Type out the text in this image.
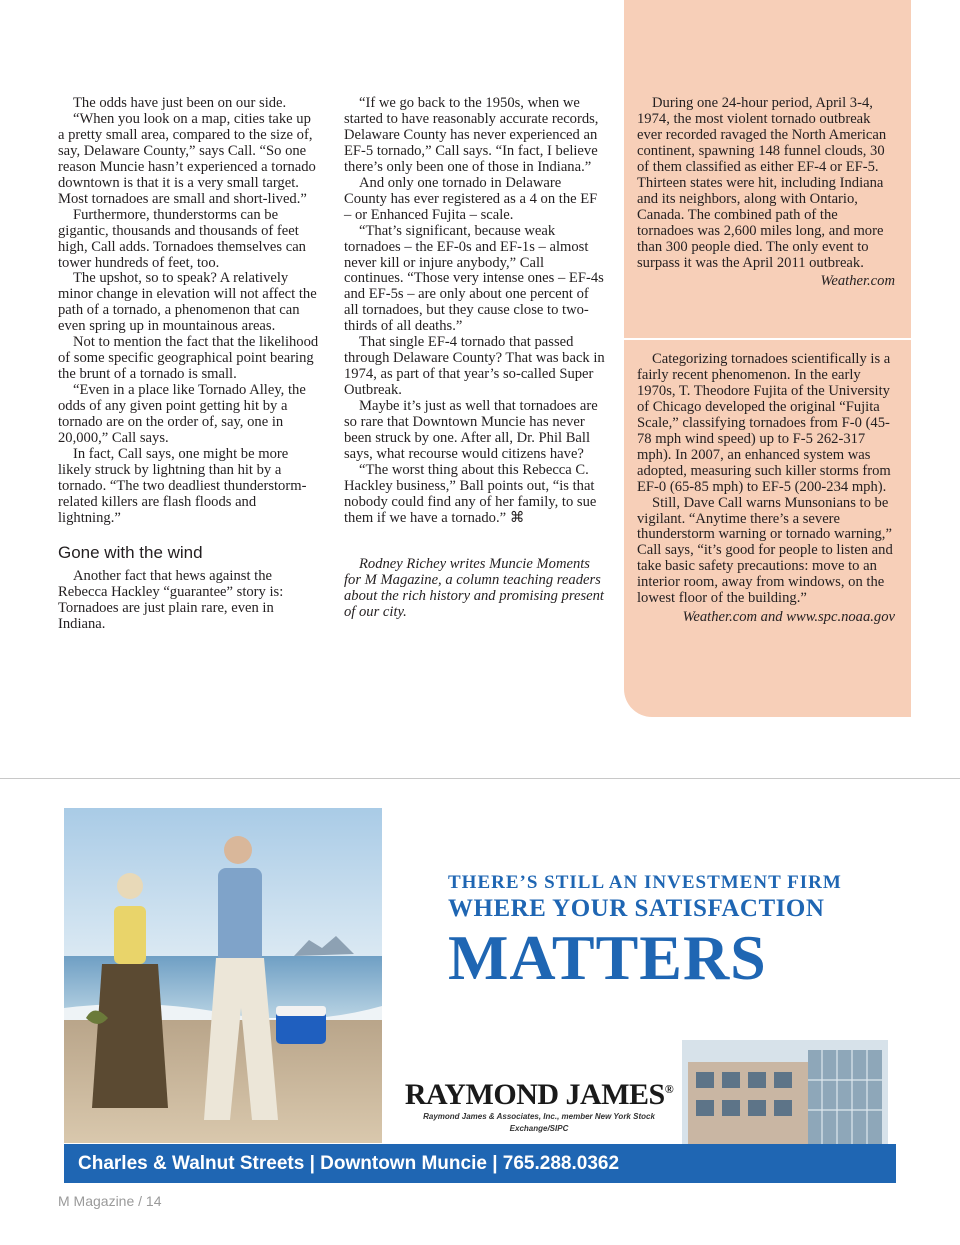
The odds have just been on our side.

“When you look on a map, cities take up a pretty small area, compared to the size of, say, Delaware County,” says Call. “So one reason Muncie hasn’t experienced a tornado downtown is that it is a very small target. Most tornadoes are small and short-lived.”

Furthermore, thunderstorms can be gigantic, thousands and thousands of feet high, Call adds. Tornadoes themselves can tower hundreds of feet, too.

The upshot, so to speak? A relatively minor change in elevation will not affect the path of a tornado, a phenomenon that can even spring up in mountainous areas.

Not to mention the fact that the likelihood of some specific geographical point bearing the brunt of a tornado is small.

“Even in a place like Tornado Alley, the odds of any given point getting hit by a tornado are on the order of, say, one in 20,000,” Call says.

In fact, Call says, one might be more likely struck by lightning than hit by a tornado. “The two deadliest thunderstorm-related killers are flash floods and lightning.”

Gone with the wind

Another fact that hews against the Rebecca Hackley “guarantee” story is: Tornadoes are just plain rare, even in Indiana.

“If we go back to the 1950s, when we started to have reasonably accurate records, Delaware County has never experienced an EF-5 tornado,” Call says. “In fact, I believe there’s only been one of those in Indiana.”

And only one tornado in Delaware County has ever registered as a 4 on the EF – or Enhanced Fujita – scale.

“That’s significant, because weak tornadoes – the EF-0s and EF-1s – almost never kill or injure anybody,” Call continues. “Those very intense ones – EF-4s and EF-5s – are only about one percent of all tornadoes, but they cause close to two-thirds of all deaths.”

That single EF-4 tornado that passed through Delaware County? That was back in 1974, as part of that year’s so-called Super Outbreak.

Maybe it’s just as well that tornadoes are so rare that Downtown Muncie has never been struck by one. After all, Dr. Phil Ball says, what recourse would citizens have?

“The worst thing about this Rebecca C. Hackley business,” Ball points out, “is that nobody could find any of her family, to sue them if we have a tornado.” ⌘

Rodney Richey writes Muncie Moments for M Magazine, a column teaching readers about the rich history and promising present of our city.

During one 24-hour period, April 3-4, 1974, the most violent tornado outbreak ever recorded ravaged the North American continent, spawning 148 funnel clouds, 30 of them classified as either EF-4 or EF-5. Thirteen states were hit, including Indiana and its neighbors, along with Ontario, Canada. The combined path of the tornadoes was 2,600 miles long, and more than 300 people died. The only event to surpass it was the April 2011 outbreak.

Weather.com

Categorizing tornadoes scientifically is a fairly recent phenomenon. In the early 1970s, T. Theodore Fujita of the University of Chicago developed the original “Fujita Scale,” classifying tornadoes from F-0 (45-78 mph wind speed) up to F-5 262-317 mph). In 2007, an enhanced system was adopted, measuring such killer storms from EF-0 (65-85 mph) to EF-5 (200-234 mph).

Still, Dave Call warns Munsonians to be vigilant. “Anytime there’s a severe thunderstorm warning or tornado warning,” Call says, “it’s good for people to listen and take basic safety precautions: move to an interior room, away from windows, on the lowest floor of the building.”

Weather.com and www.spc.noaa.gov

THERE’S STILL AN INVESTMENT FIRM
WHERE YOUR SATISFACTION
MATTERS
RAYMOND JAMES®
Raymond James & Associates, Inc., member New York Stock Exchange/SIPC
Charles & Walnut Streets | Downtown Muncie | 765.288.0362
M Magazine / 14
